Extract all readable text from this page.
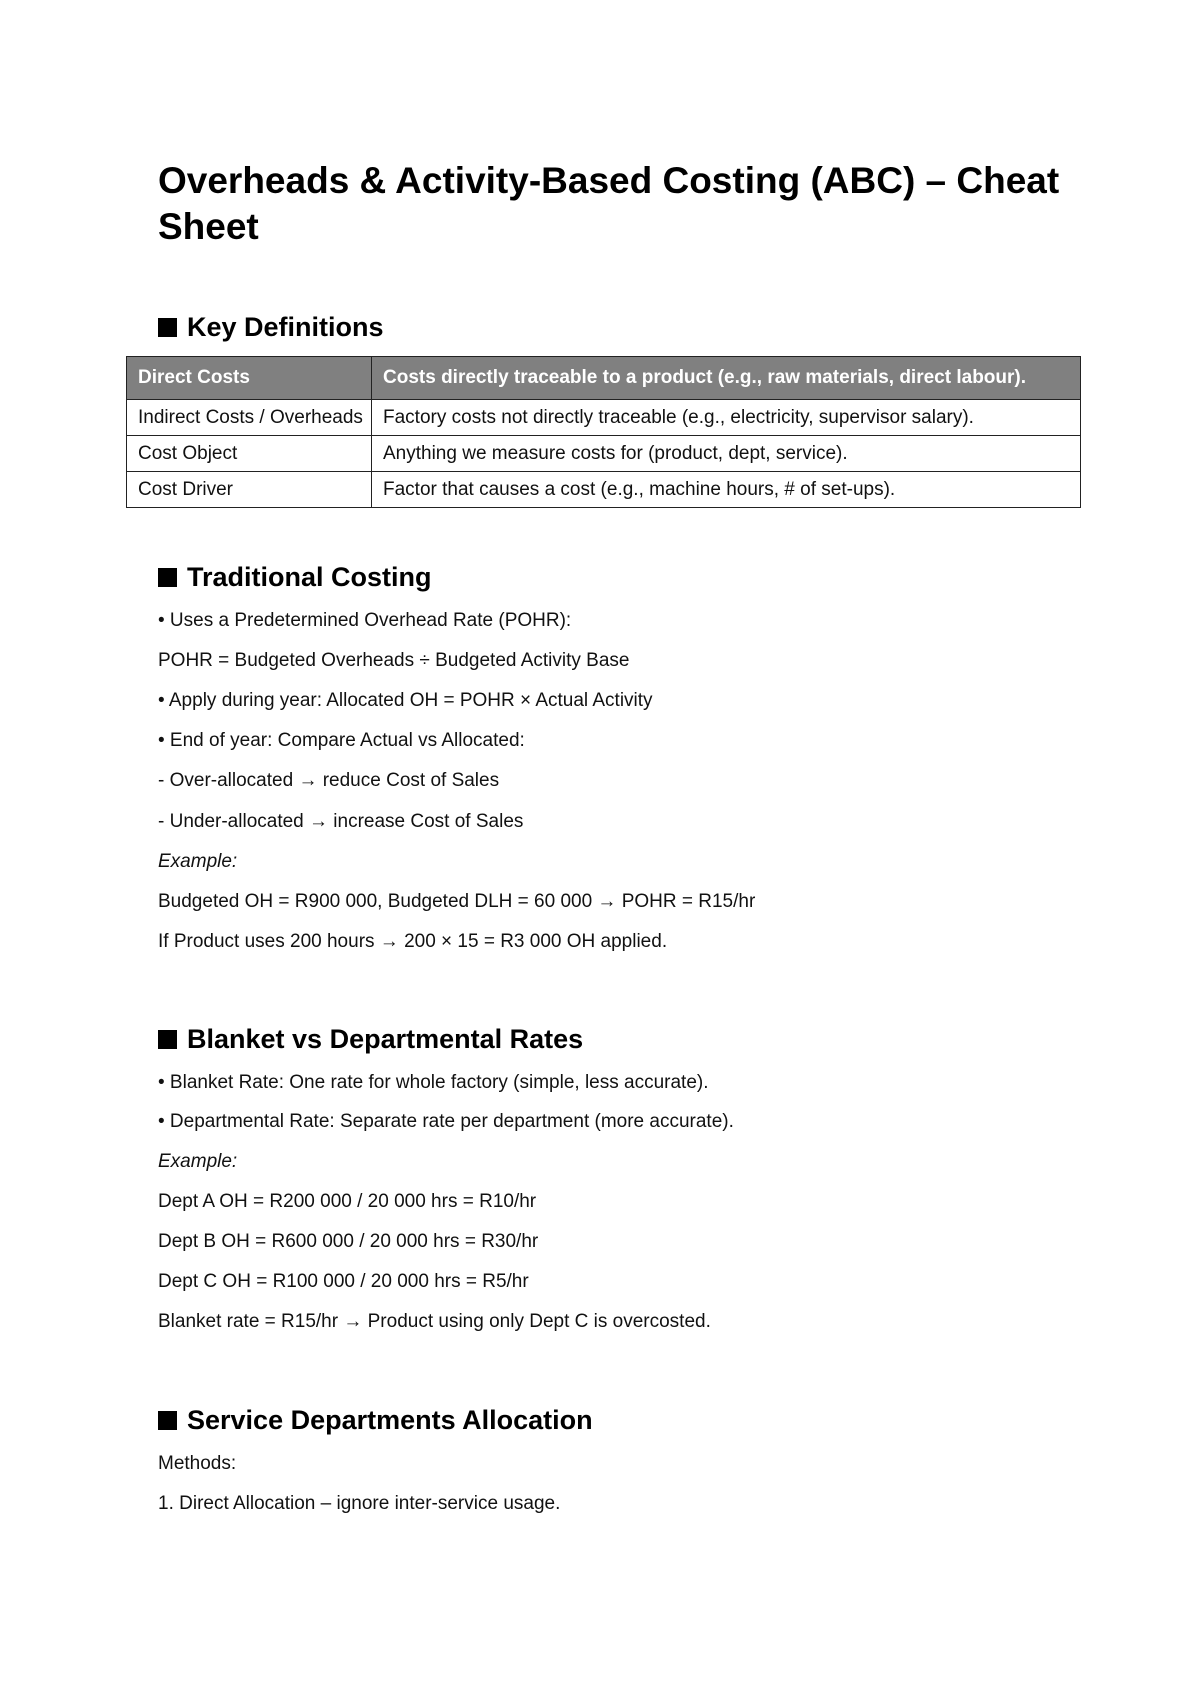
Overheads & Activity-Based Costing (ABC) – Cheat Sheet
Key Definitions
Direct Costs	Costs directly traceable to a product (e.g., raw materials, direct labour).
Indirect Costs / Overheads	Factory costs not directly traceable (e.g., electricity, supervisor salary).
Cost Object	Anything we measure costs for (product, dept, service).
Cost Driver	Factor that causes a cost (e.g., machine hours, # of set-ups).
Traditional Costing

• Uses a Predetermined Overhead Rate (POHR):

POHR = Budgeted Overheads ÷ Budgeted Activity Base

• Apply during year: Allocated OH = POHR × Actual Activity

• End of year: Compare Actual vs Allocated:

- Over-allocated → reduce Cost of Sales

- Under-allocated → increase Cost of Sales

Example:

Budgeted OH = R900 000, Budgeted DLH = 60 000 → POHR = R15/hr

If Product uses 200 hours → 200 × 15 = R3 000 OH applied.

Blanket vs Departmental Rates

• Blanket Rate: One rate for whole factory (simple, less accurate).

• Departmental Rate: Separate rate per department (more accurate).

Example:

Dept A OH = R200 000 / 20 000 hrs = R10/hr

Dept B OH = R600 000 / 20 000 hrs = R30/hr

Dept C OH = R100 000 / 20 000 hrs = R5/hr

Blanket rate = R15/hr → Product using only Dept C is overcosted.

Service Departments Allocation

Methods:

1. Direct Allocation – ignore inter-service usage.
